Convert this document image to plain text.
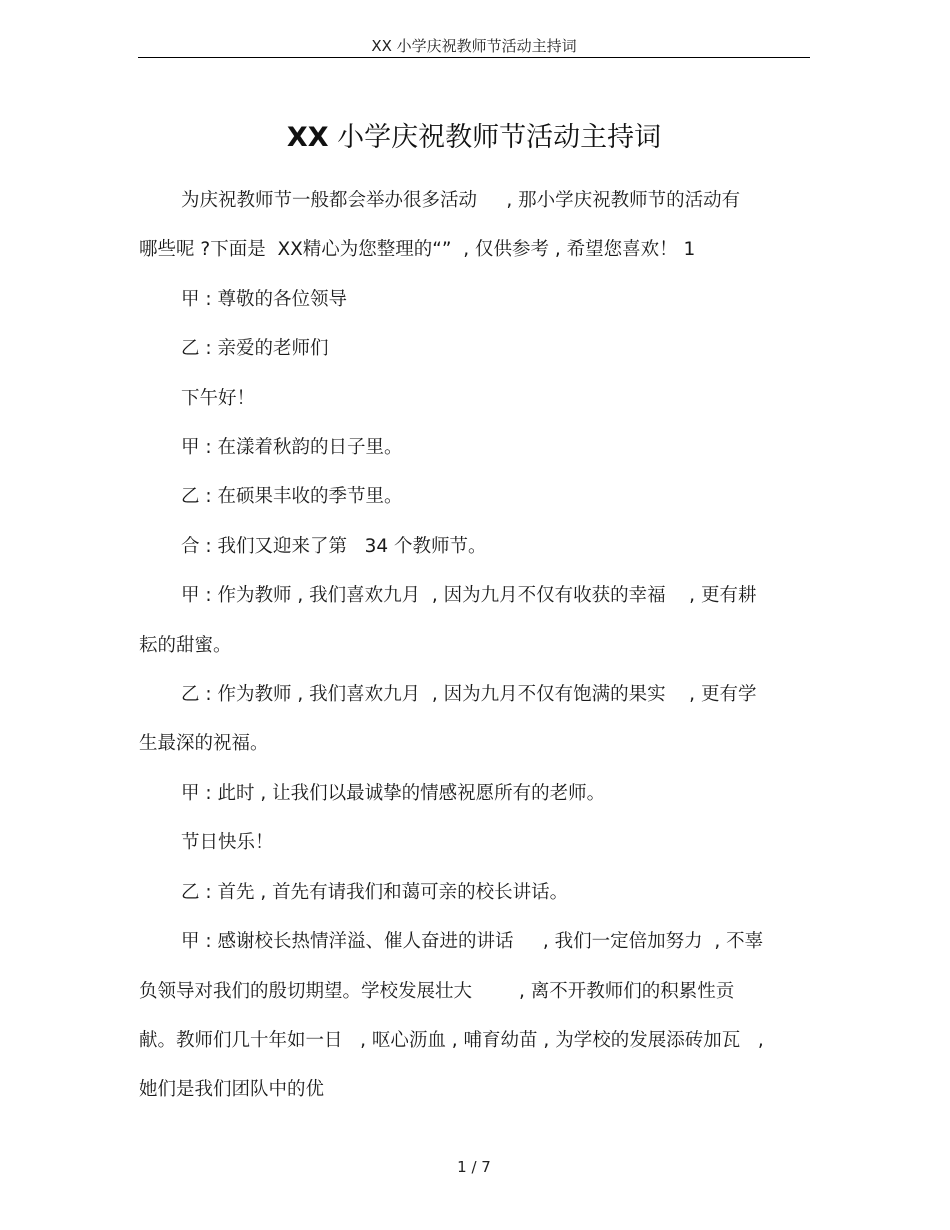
XX 小学庆祝教师节活动主持词
XX 小学庆祝教师节活动主持词

为庆祝教师节一般都会举办很多活动     , 那小学庆祝教师节的活动有

哪些呢 ?下面是  XX精心为您整理的“”  , 仅供参考 , 希望您喜欢！ 1

甲 : 尊敬的各位领导

乙 : 亲爱的老师们

下午好！

甲 : 在漾着秋韵的日子里。

乙 : 在硕果丰收的季节里。

合 : 我们又迎来了第   34 个教师节。

甲 : 作为教师 , 我们喜欢九月  , 因为九月不仅有收获的幸福    , 更有耕

耘的甜蜜。

乙 : 作为教师 , 我们喜欢九月  , 因为九月不仅有饱满的果实    , 更有学

生最深的祝福。

甲 : 此时 , 让我们以最诚挚的情感祝愿所有的老师。

节日快乐！

乙 : 首先 , 首先有请我们和蔼可亲的校长讲话。

甲 : 感谢校长热情洋溢、催人奋进的讲话     , 我们一定倍加努力  , 不辜

负领导对我们的殷切期望。学校发展壮大        , 离不开教师们的积累性贡

献。教师们几十年如一日   , 呕心沥血 , 哺育幼苗 , 为学校的发展添砖加瓦   ,

她们是我们团队中的优

1 / 7
